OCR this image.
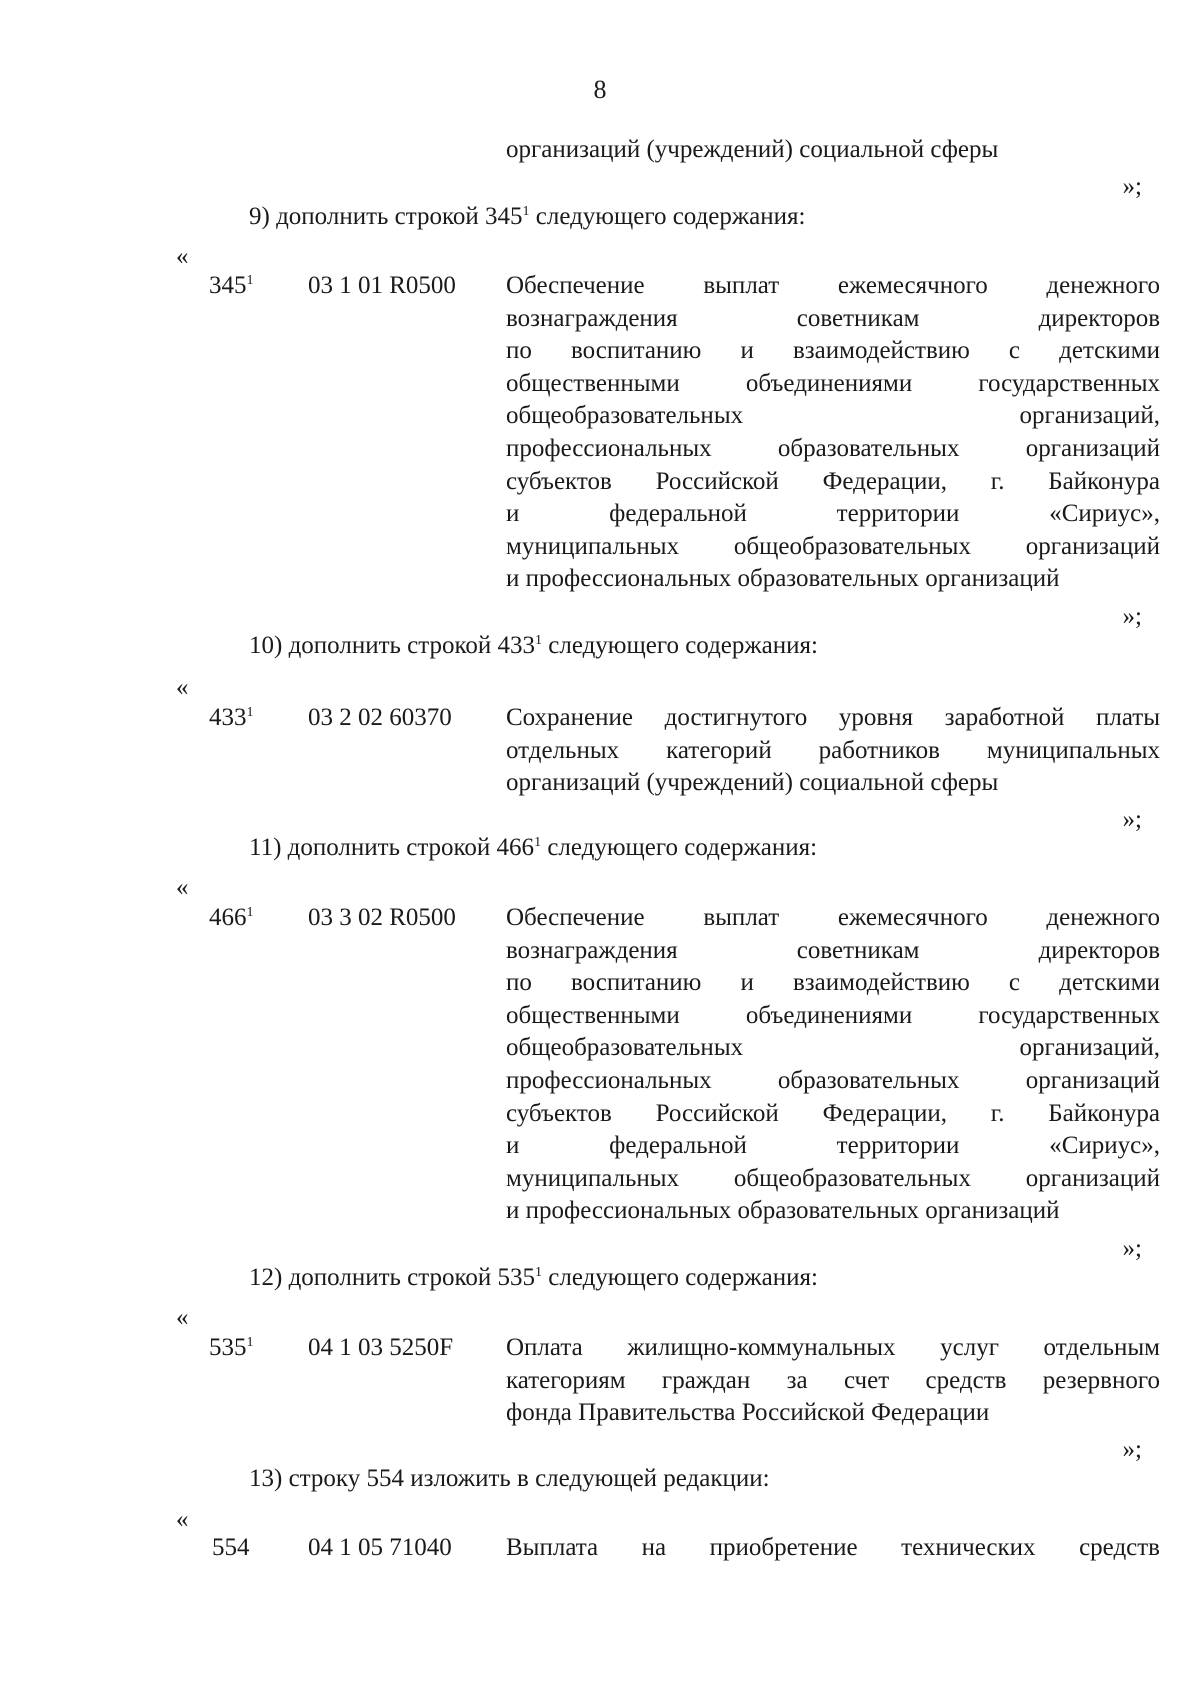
8
организаций (учреждений) социальной сферы
»;
9) дополнить строкой $345^1$ следующего содержания:
«
$345^1$ 03 1 01 R0500 Обеспечение выплат ежемесячного денежного
вознаграждения советникам директоров
по воспитанию и взаимодействию с детскими
общественными объединениями государственных
общеобразовательных организаций,
профессиональных образовательных организаций
субъектов Российской Федерации, г. Байконура
и федеральной территории «Сириус»,
муниципальных общеобразовательных организаций
и профессиональных образовательных организаций
»;
10) дополнить строкой $433^1$ следующего содержания:
«
$433^1$ 03 2 02 60370 Сохранение достигнутого уровня заработной платы
отдельных категорий работников муниципальных
организаций (учреждений) социальной сферы
»;
11) дополнить строкой $466^1$ следующего содержания:
«
$466^1$ 03 3 02 R0500 Обеспечение выплат ежемесячного денежного
вознаграждения советникам директоров
по воспитанию и взаимодействию с детскими
общественными объединениями государственных
общеобразовательных организаций,
профессиональных образовательных организаций
субъектов Российской Федерации, г. Байконура
и федеральной территории «Сириус»,
муниципальных общеобразовательных организаций
и профессиональных образовательных организаций
»;
12) дополнить строкой $535^1$ следующего содержания:
«
$535^1$ 04 1 03 5250F Оплата жилищно-коммунальных услуг отдельным
категориям граждан за счет средств резервного
фонда Правительства Российской Федерации
»;
13) строку 554 изложить в следующей редакции:
«
554 04 1 05 71040 Выплата на приобретение технических средств
